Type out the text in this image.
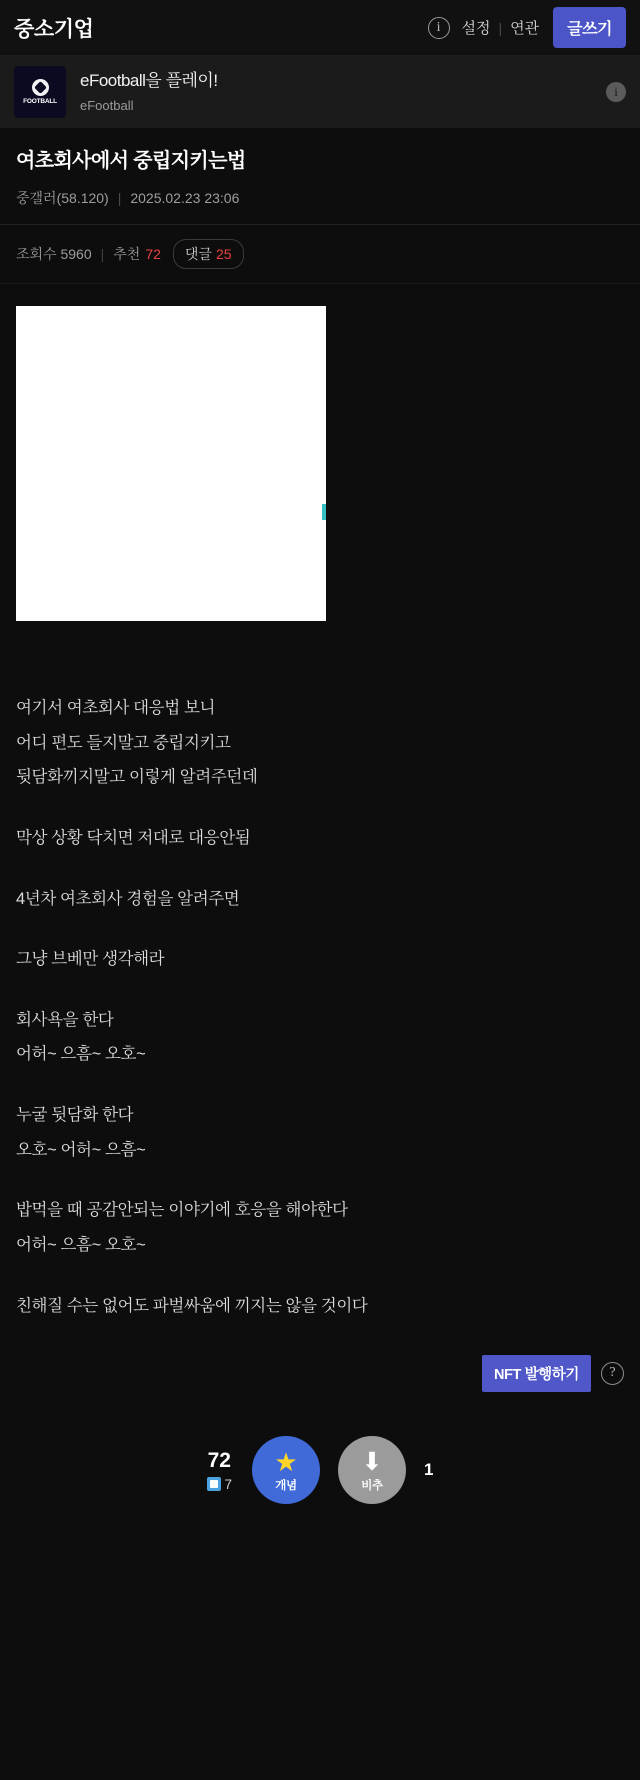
중소기업	i	설정 | 연관	글쓰기
FOOTBALL
eFootball을 플레이!
eFootball
i
여초회사에서 중립지키는법
중갤러(58.120) | 2025.02.23 23:06
조회수 5960 | 추천 72 댓글 25

여기서 여초회사 대응법 보니

어디 편도 들지말고 중립지키고

뒷담화끼지말고 이렇게 알려주던데

막상 상황 닥치면 저대로 대응안됨

4년차 여초회사 경험을 알려주면

그냥 브베만 생각해라

회사욕을 한다

어허~ 으흠~ 오호~

누굴 뒷담화 한다

오호~ 어허~ 으흠~

밥먹을 때 공감안되는 이야기에 호응을 해야한다

어허~ 으흠~ 오호~

친해질 수는 없어도 파벌싸움에 끼지는 않을 것이다

NFT 발행하기	?
72
7
★
개념
⬇
비추
1
